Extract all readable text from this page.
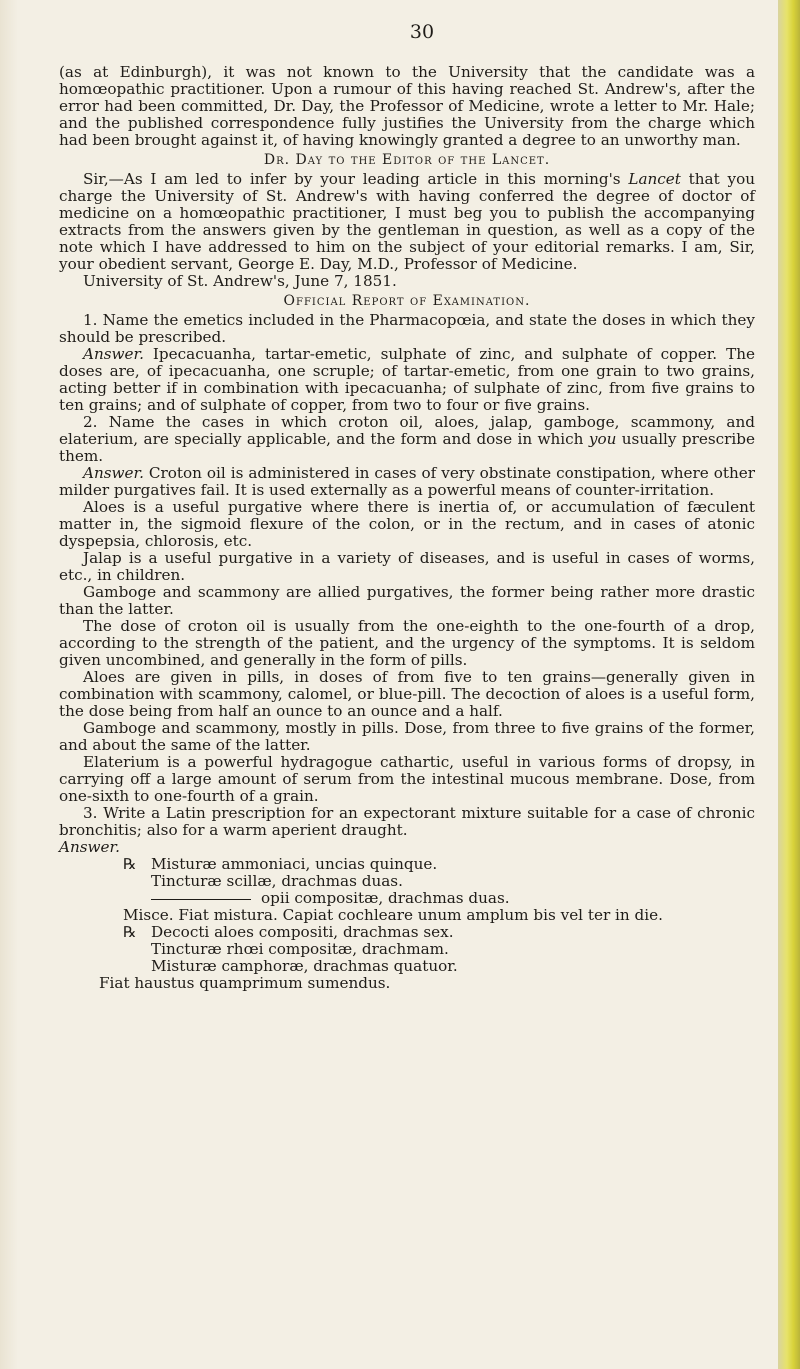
30

(as at Edinburgh), it was not known to the University that the candidate was a homœopathic practitioner. Upon a rumour of this having reached St. Andrew's, after the error had been committed, Dr. Day, the Professor of Medicine, wrote a letter to Mr. Hale; and the published correspondence fully justifies the University from the charge which had been brought against it, of having knowingly granted a degree to an unworthy man.

Dr. Day to the Editor of the Lancet.

Sir,—As I am led to infer by your leading article in this morning's Lancet that you charge the University of St. Andrew's with having conferred the degree of doctor of medicine on a homœopathic practitioner, I must beg you to publish the accompanying extracts from the answers given by the gentleman in question, as well as a copy of the note which I have addressed to him on the subject of your editorial remarks. I am, Sir, your obedient servant, George E. Day, M.D., Professor of Medicine.

University of St. Andrew's, June 7, 1851.

Official Report of Examination.

1. Name the emetics included in the Pharmacopœia, and state the doses in which they should be prescribed.

Answer. Ipecacuanha, tartar-emetic, sulphate of zinc, and sulphate of copper. The doses are, of ipecacuanha, one scruple; of tartar-emetic, from one grain to two grains, acting better if in combination with ipecacuanha; of sulphate of zinc, from five grains to ten grains; and of sulphate of copper, from two to four or five grains.

2. Name the cases in which croton oil, aloes, jalap, gamboge, scammony, and elaterium, are specially applicable, and the form and dose in which you usually prescribe them.

Answer. Croton oil is administered in cases of very obstinate constipation, where other milder purgatives fail. It is used externally as a powerful means of counter-irritation.

Aloes is a useful purgative where there is inertia of, or accumulation of fæculent matter in, the sigmoid flexure of the colon, or in the rectum, and in cases of atonic dyspepsia, chlorosis, etc.

Jalap is a useful purgative in a variety of diseases, and is useful in cases of worms, etc., in children.

Gamboge and scammony are allied purgatives, the former being rather more drastic than the latter.

The dose of croton oil is usually from the one-eighth to the one-fourth of a drop, according to the strength of the patient, and the urgency of the symptoms. It is seldom given uncombined, and generally in the form of pills.

Aloes are given in pills, in doses of from five to ten grains—generally given in combination with scammony, calomel, or blue-pill. The decoction of aloes is a useful form, the dose being from half an ounce to an ounce and a half.

Gamboge and scammony, mostly in pills. Dose, from three to five grains of the former, and about the same of the latter.

Elaterium is a powerful hydragogue cathartic, useful in various forms of dropsy, in carrying off a large amount of serum from the intestinal mucous membrane. Dose, from one-sixth to one-fourth of a grain.

3. Write a Latin prescription for an expectorant mixture suitable for a case of chronic bronchitis; also for a warm aperient draught.

Answer.

℞ Misturæ ammoniaci, uncias quinque.
Tincturæ scillæ, drachmas duas.
opii compositæ, drachmas duas.
Misce. Fiat mistura. Capiat cochleare unum amplum bis vel ter in die.
℞ Decocti aloes compositi, drachmas sex.
Tincturæ rhœi compositæ, drachmam.
Misturæ camphoræ, drachmas quatuor.

Fiat haustus quamprimum sumendus.
